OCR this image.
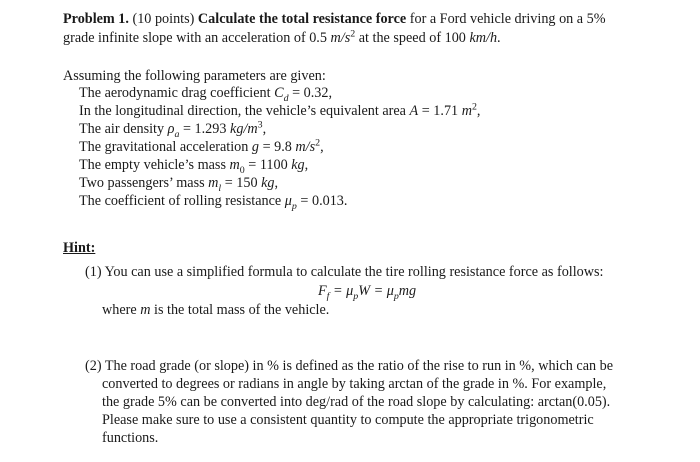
Problem 1. (10 points) Calculate the total resistance force for a Ford vehicle driving on a 5%
grade infinite slope with an acceleration of 0.5 $m/s^2$ at the speed of 100 km/h.
Assuming the following parameters are given:
The aerodynamic drag coefficient $C_d = 0.32$,
In the longitudinal direction, the vehicle’s equivalent area A = 1.71 $m^2$,
The air density $\rho_a = 1.293$ $kg/m^3$,
The gravitational acceleration g = 9.8 $m/s^2$,
The empty vehicle’s mass $m_0 = 1100$ kg,
Two passengers’ mass $m_l = 150$ kg,
The coefficient of rolling resistance $\mu_p = 0.013$.
Hint:
(1) You can use a simplified formula to calculate the tire rolling resistance force as follows:
$F_f = \mu_pW = \mu_pmg$
where m is the total mass of the vehicle.
(2) The road grade (or slope) in % is defined as the ratio of the rise to run in %, which can be
converted to degrees or radians in angle by taking arctan of the grade in %. For example,
the grade 5% can be converted into deg/rad of the road slope by calculating: arctan(0.05).
Please make sure to use a consistent quantity to compute the appropriate trigonometric
functions.
